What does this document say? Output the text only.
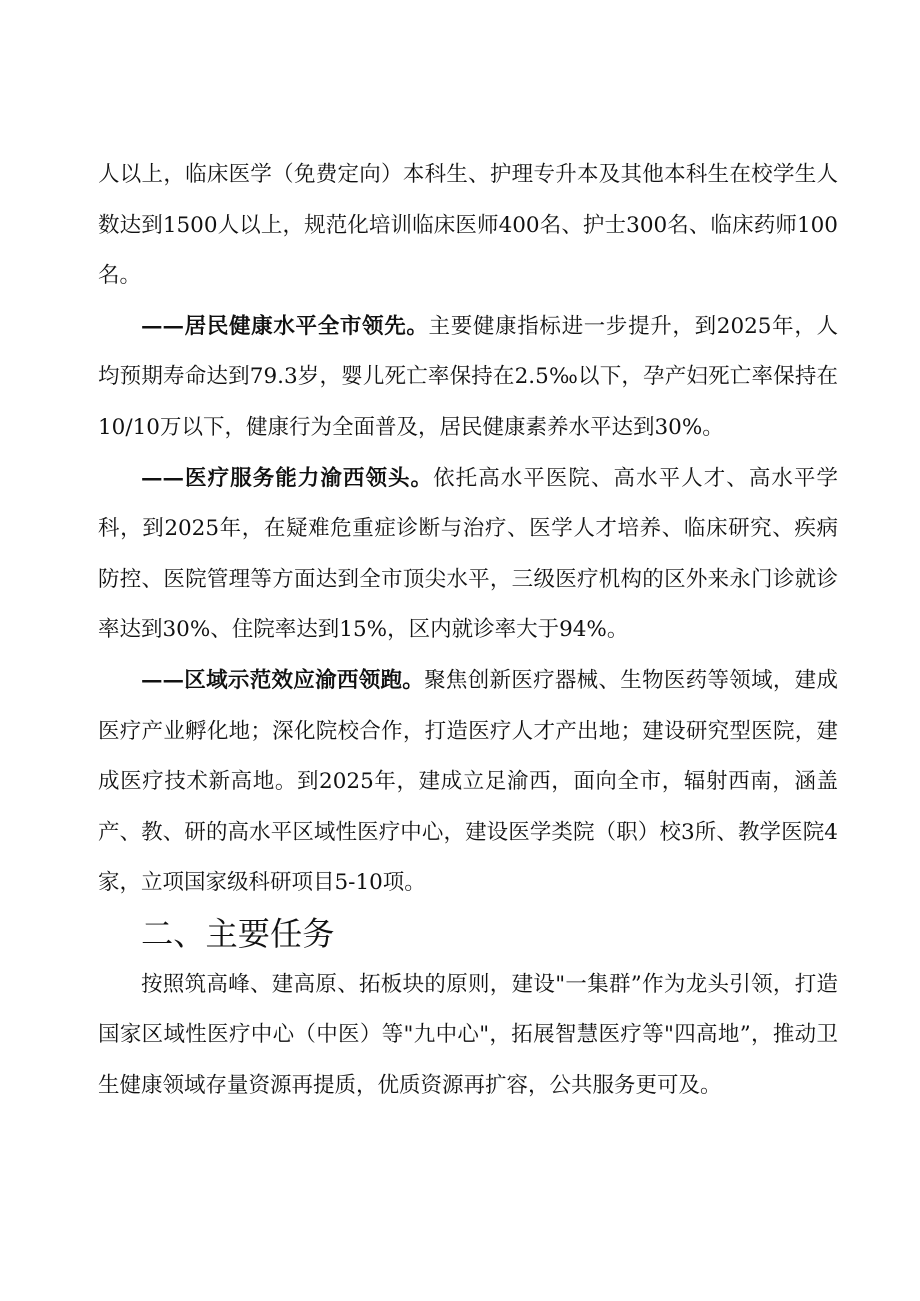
人以上，临床医学（免费定向）本科生、护理专升本及其他本科生在校学生人数达到1500人以上，规范化培训临床医师400名、护士300名、临床药师100名。

——居民健康水平全市领先。主要健康指标进一步提升，到2025年，人均预期寿命达到79.3岁，婴儿死亡率保持在2.5‰以下，孕产妇死亡率保持在10/10万以下，健康行为全面普及，居民健康素养水平达到30%。

——医疗服务能力渝西领头。依托高水平医院、高水平人才、高水平学科，到2025年，在疑难危重症诊断与治疗、医学人才培养、临床研究、疾病防控、医院管理等方面达到全市顶尖水平，三级医疗机构的区外来永门诊就诊率达到30%、住院率达到15%，区内就诊率大于94%。

——区域示范效应渝西领跑。聚焦创新医疗器械、生物医药等领域，建成医疗产业孵化地；深化院校合作，打造医疗人才产出地；建设研究型医院，建成医疗技术新高地。到2025年，建成立足渝西，面向全市，辐射西南，涵盖产、教、研的高水平区域性医疗中心，建设医学类院（职）校3所、教学医院4家，立项国家级科研项目5-10项。

二、主要任务

按照筑高峰、建高原、拓板块的原则，建设"一集群”作为龙头引领，打造国家区域性医疗中心（中医）等"九中心"，拓展智慧医疗等"四高地”，推动卫生健康领域存量资源再提质，优质资源再扩容，公共服务更可及。
